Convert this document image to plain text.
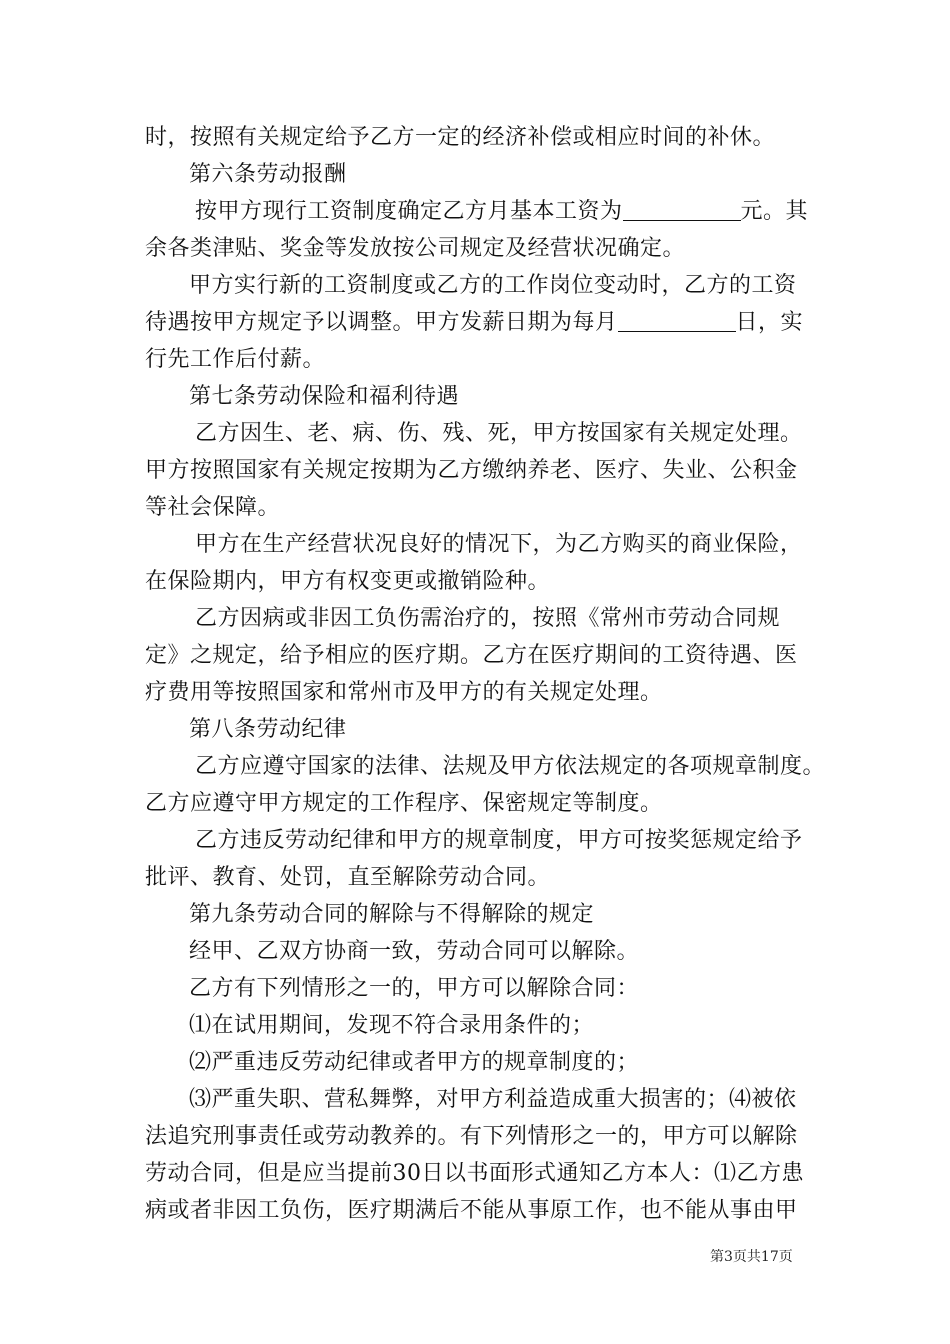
时，按照有关规定给予乙方一定的经济补偿或相应时间的补休。
第六条劳动报酬
按甲方现行工资制度确定乙方月基本工资为	元。其
余各类津贴、奖金等发放按公司规定及经营状况确定。
甲方实行新的工资制度或乙方的工作岗位变动时，乙方的工资
待遇按甲方规定予以调整。甲方发薪日期为每月	日，实
行先工作后付薪。
第七条劳动保险和福利待遇
乙方因生、老、病、伤、残、死，甲方按国家有关规定处理。
甲方按照国家有关规定按期为乙方缴纳养老、医疗、失业、公积金
等社会保障。
甲方在生产经营状况良好的情况下，为乙方购买的商业保险，
在保险期内，甲方有权变更或撤销险种。
乙方因病或非因工负伤需治疗的，按照《常州市劳动合同规
定》之规定，给予相应的医疗期。乙方在医疗期间的工资待遇、医
疗费用等按照国家和常州市及甲方的有关规定处理。
第八条劳动纪律
乙方应遵守国家的法律、法规及甲方依法规定的各项规章制度。
乙方应遵守甲方规定的工作程序、保密规定等制度。
乙方违反劳动纪律和甲方的规章制度，甲方可按奖惩规定给予
批评、教育、处罚，直至解除劳动合同。
第九条劳动合同的解除与不得解除的规定
经甲、乙双方协商一致，劳动合同可以解除。
乙方有下列情形之一的，甲方可以解除合同：
⑴在试用期间，发现不符合录用条件的；
⑵严重违反劳动纪律或者甲方的规章制度的；
⑶严重失职、营私舞弊，对甲方利益造成重大损害的；⑷被依
法追究刑事责任或劳动教养的。有下列情形之一的，甲方可以解除
劳动合同，但是应当提前30日以书面形式通知乙方本人：⑴乙方患
病或者非因工负伤，医疗期满后不能从事原工作，也不能从事由甲
第3页共17页
